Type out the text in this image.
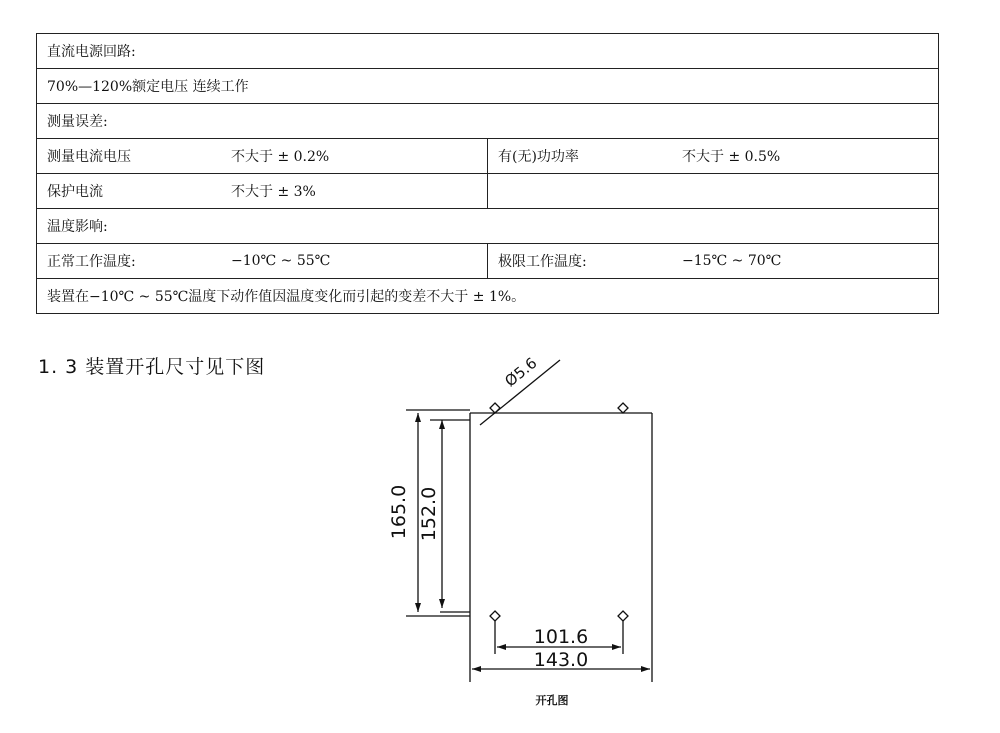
直流电源回路:	
70%—120%额定电压 连续工作	
测量误差:	

测量电流电压 不大于 ± 0.2%	有(无)功功率 不大于 ± 0.5%

保护电流 不大于 ± 3%	

温度影响:	

正常工作温度: −10℃ ~ 55℃	极限工作温度: −15℃ ~ 70℃

装置在−10℃ ~ 55℃温度下动作值因温度变化而引起的变差不大于 ± 1%。	
1. 3 装置开孔尺寸见下图
165.0 152.0
101.6
143.0
Ø5.6
开孔图
